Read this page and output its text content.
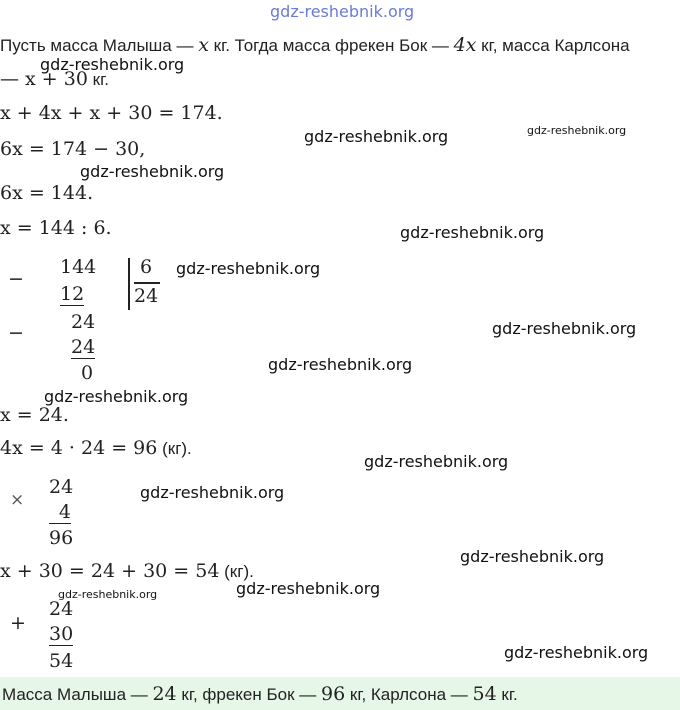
gdz-reshebnik.org
Пусть масса Малыша — x кг. Тогда масса фрекен Бок — 4x кг, масса Карлсона
— x + 30 кг.
x + 4x + x + 30 = 174.
6x = 174 − 30,
6x = 144.
x = 144 : 6.
−
144
12
6
24
− 24
24
0
x = 24.
4x = 4 · 24 = 96 (кг).
×
24
4
96
x + 30 = 24 + 30 = 54 (кг).
+
24
30
54
Масса Малыша — 24 кг, фрекен Бок — 96 кг, Карлсона — 54 кг.
gdz-reshebnik.org
gdz-reshebnik.org	gdz-reshebnik.org
gdz-reshebnik.org
gdz-reshebnik.org
gdz-reshebnik.org
gdz-reshebnik.org
gdz-reshebnik.org
gdz-reshebnik.org
gdz-reshebnik.org
gdz-reshebnik.org
gdz-reshebnik.org
gdz-reshebnik.org	gdz-reshebnik.org
gdz-reshebnik.org
